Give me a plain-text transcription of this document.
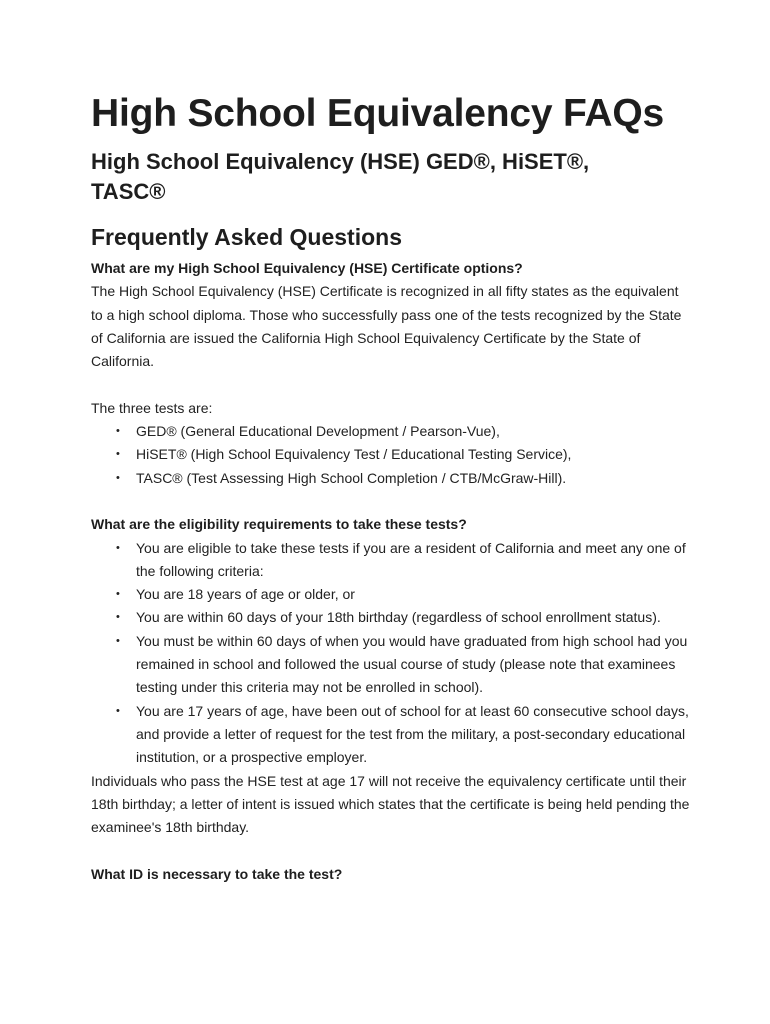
High School Equivalency FAQs
High School Equivalency (HSE) GED®, HiSET®, TASC®
Frequently Asked Questions

What are my High School Equivalency (HSE) Certificate options?

The High School Equivalency (HSE) Certificate is recognized in all fifty states as the equivalent to a high school diploma. Those who successfully pass one of the tests recognized by the State of California are issued the California High School Equivalency Certificate by the State of California.

The three tests are:

• GED® (General Educational Development / Pearson-Vue),
• HiSET® (High School Equivalency Test / Educational Testing Service),
• TASC® (Test Assessing High School Completion / CTB/McGraw-Hill).

What are the eligibility requirements to take these tests?

• You are eligible to take these tests if you are a resident of California and meet any one of the following criteria:
• You are 18 years of age or older, or
• You are within 60 days of your 18th birthday (regardless of school enrollment status).
• You must be within 60 days of when you would have graduated from high school had you remained in school and followed the usual course of study (please note that examinees testing under this criteria may not be enrolled in school).
• You are 17 years of age, have been out of school for at least 60 consecutive school days, and provide a letter of request for the test from the military, a post-secondary educational institution, or a prospective employer.

Individuals who pass the HSE test at age 17 will not receive the equivalency certificate until their 18th birthday; a letter of intent is issued which states that the certificate is being held pending the examinee's 18th birthday.

What ID is necessary to take the test?
